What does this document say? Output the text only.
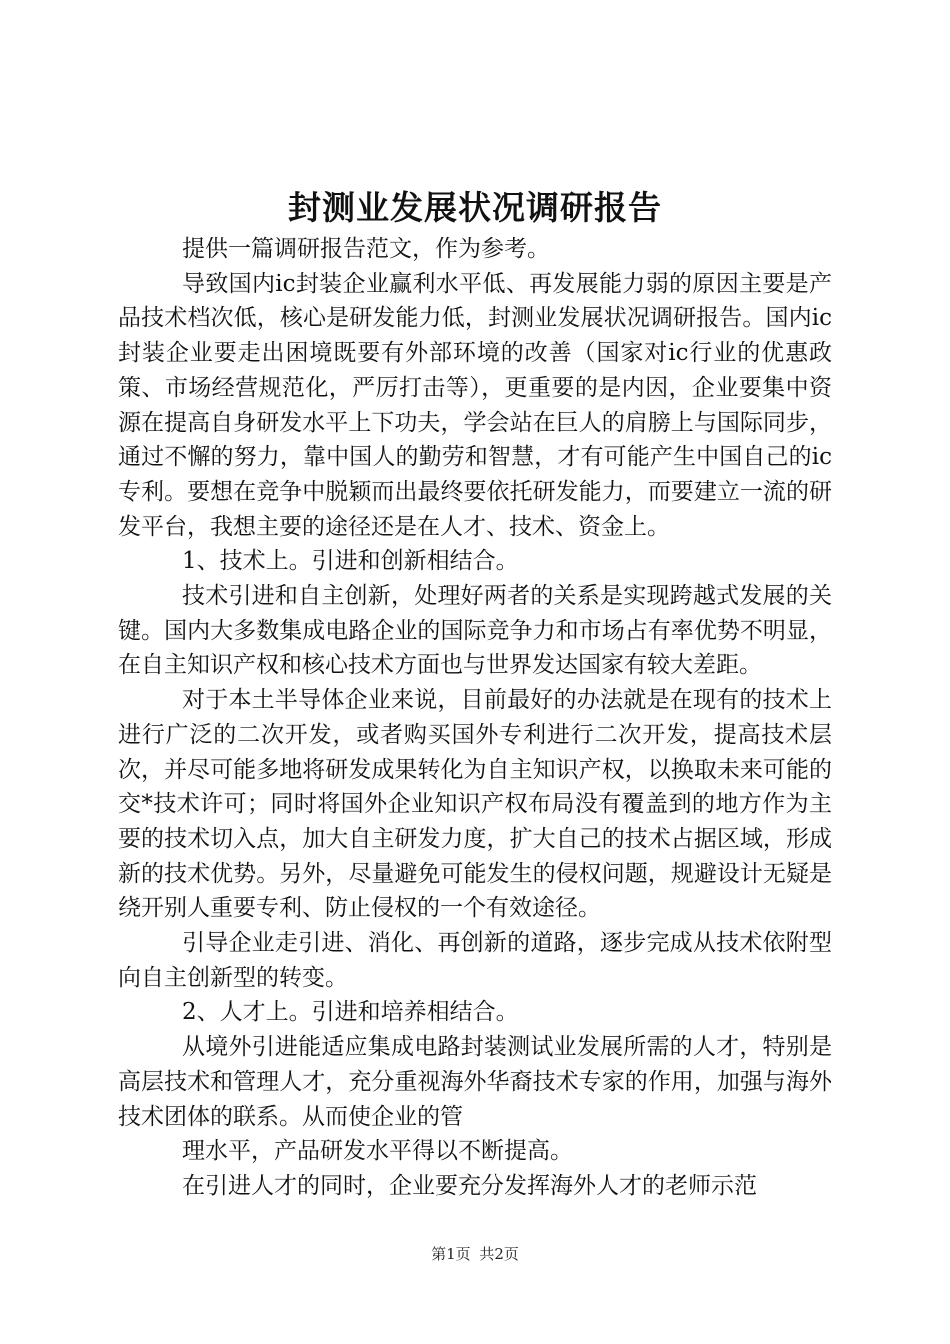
封测业发展状况调研报告

提供一篇调研报告范文，作为参考。

导致国内ic封装企业赢利水平低、再发展能力弱的原因主要是产品技术档次低，核心是研发能力低，封测业发展状况调研报告。国内ic封装企业要走出困境既要有外部环境的改善（国家对ic行业的优惠政策、市场经营规范化，严厉打击等），更重要的是内因，企业要集中资源在提高自身研发水平上下功夫，学会站在巨人的肩膀上与国际同步，通过不懈的努力，靠中国人的勤劳和智慧，才有可能产生中国自己的ic专利。要想在竞争中脱颖而出最终要依托研发能力，而要建立一流的研发平台，我想主要的途径还是在人才、技术、资金上。

1、技术上。引进和创新相结合。

技术引进和自主创新，处理好两者的关系是实现跨越式发展的关键。国内大多数集成电路企业的国际竞争力和市场占有率优势不明显，在自主知识产权和核心技术方面也与世界发达国家有较大差距。

对于本土半导体企业来说，目前最好的办法就是在现有的技术上进行广泛的二次开发，或者购买国外专利进行二次开发，提高技术层次，并尽可能多地将研发成果转化为自主知识产权，以换取未来可能的交*技术许可；同时将国外企业知识产权布局没有覆盖到的地方作为主要的技术切入点，加大自主研发力度，扩大自己的技术占据区域，形成新的技术优势。另外，尽量避免可能发生的侵权问题，规避设计无疑是绕开别人重要专利、防止侵权的一个有效途径。

引导企业走引进、消化、再创新的道路，逐步完成从技术依附型向自主创新型的转变。

2、人才上。引进和培养相结合。

从境外引进能适应集成电路封装测试业发展所需的人才，特别是高层技术和管理人才，充分重视海外华裔技术专家的作用，加强与海外技术团体的联系。从而使企业的管

理水平，产品研发水平得以不断提高。

在引进人才的同时，企业要充分发挥海外人才的老师示范

第1页 共2页
